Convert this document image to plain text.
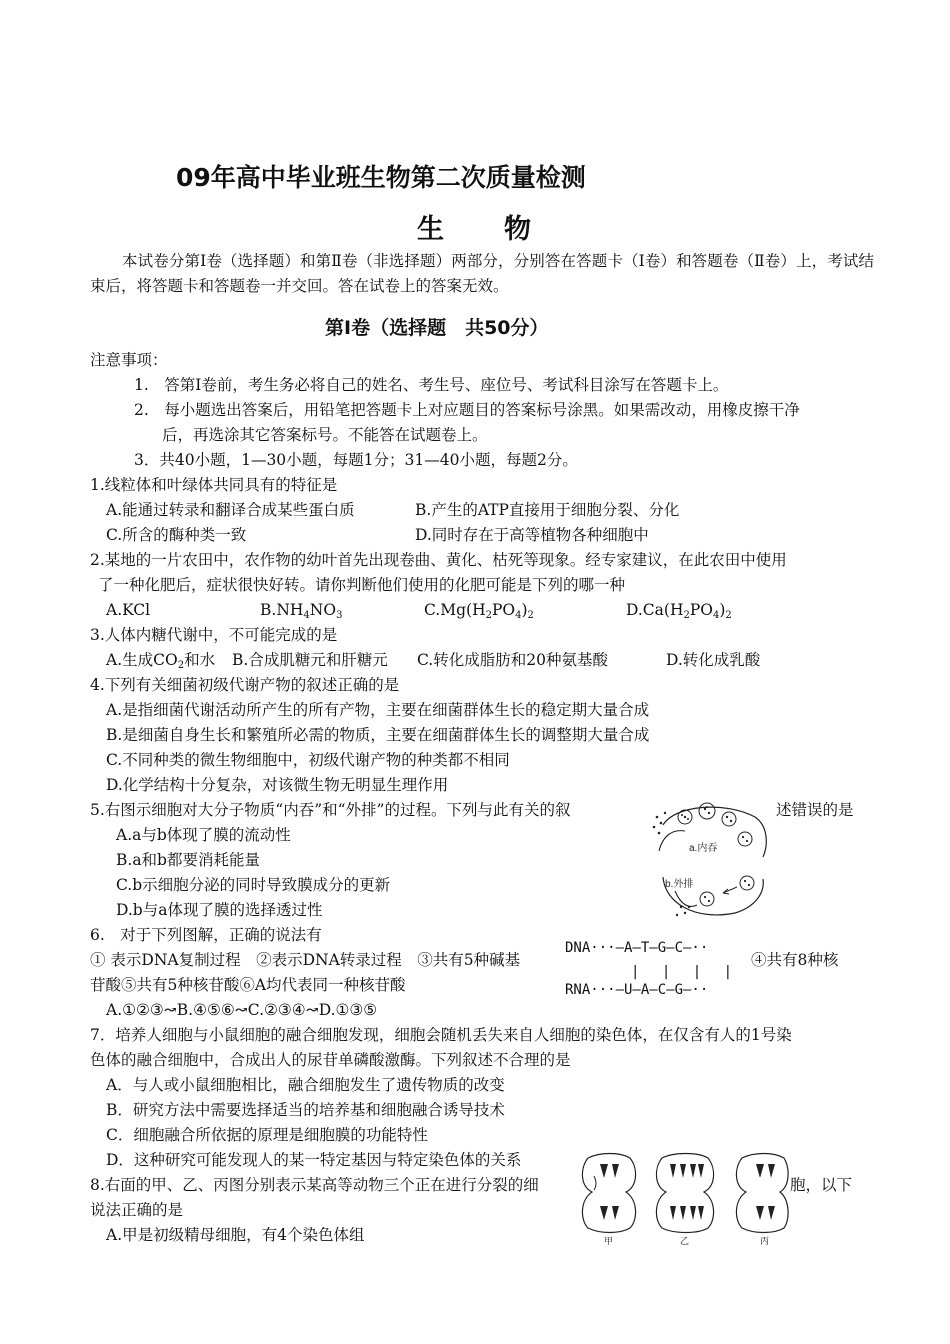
09年高中毕业班生物第二次质量检测
生　　物
本试卷分第Ⅰ卷（选择题）和第Ⅱ卷（非选择题）两部分，分别答在答题卡（Ⅰ卷）和答题卷（Ⅱ卷）上，考试结束后，将答题卡和答题卷一并交回。答在试卷上的答案无效。
第Ⅰ卷（选择题　共50分）
注意事项：
1.　答第Ⅰ卷前，考生务必将自己的姓名、考生号、座位号、考试科目涂写在答题卡上。
2.　每小题选出答案后，用铅笔把答题卡上对应题目的答案标号涂黑。如果需改动，用橡皮擦干净
后，再选涂其它答案标号。不能答在试题卷上。
3．共40小题，1—30小题，每题1分；31—40小题，每题2分。
1.线粒体和叶绿体共同具有的特征是
A.能通过转录和翻译合成某些蛋白质	B.产生的ATP直接用于细胞分裂、分化
C.所含的酶种类一致	D.同时存在于高等植物各种细胞中
2.某地的一片农田中，农作物的幼叶首先出现卷曲、黄化、枯死等现象。经专家建议，在此农田中使用
了一种化肥后，症状很快好转。请你判断他们使用的化肥可能是下列的哪一种
A.KCl	$B.NH_4NO_3$	$C.Mg(H_2PO_4)_2$	$D.Ca(H_2PO_4)_2$
3.人体内糖代谢中，不可能完成的是
A.生成$CO_2$和水 B.合成肌糖元和肝糖元 C.转化成脂肪和20种氨基酸	D.转化成乳酸
4.下列有关细菌初级代谢产物的叙述正确的是
A.是指细菌代谢活动所产生的所有产物，主要在细菌群体生长的稳定期大量合成
B.是细菌自身生长和繁殖所必需的物质，主要在细菌群体生长的调整期大量合成
C.不同种类的微生物细胞中，初级代谢产物的种类都不相同
D.化学结构十分复杂，对该微生物无明显生理作用
5.右图示细胞对大分子物质“内吞”和“外排”的过程。下列与此有关的叙	述错误的是
A.a与b体现了膜的流动性
B.a和b都要消耗能量
C.b示细胞分泌的同时导致膜成分的更新
D.b与a体现了膜的选择透过性
a.内吞
b.外排
6.　对于下列图解，正确的说法有
① 表示DNA复制过程　②表示DNA转录过程　③共有5种碱基	④共有8种核
苷酸⑤共有5种核苷酸⑥A均代表同一种核苷酸
A.①②③↝B.④⑤⑥↝C.②③④↝D.①③⑤
DNA···—A—T—G—C—··
|　 |　 |　 |
RNA···—U—A—C—G—··
7．培养人细胞与小鼠细胞的融合细胞发现，细胞会随机丢失来自人细胞的染色体，在仅含有人的1号染
色体的融合细胞中，合成出人的尿苷单磷酸激酶。下列叙述不合理的是
A．与人或小鼠细胞相比，融合细胞发生了遗传物质的改变
B．研究方法中需要选择适当的培养基和细胞融合诱导技术
C．细胞融合所依据的原理是细胞膜的功能特性
D．这种研究可能发现人的某一特定基因与特定染色体的关系
8.右面的甲、乙、丙图分别表示某高等动物三个正在进行分裂的细	胞，以下
说法正确的是
A.甲是初级精母细胞，有4个染色体组	甲	乙	丙
